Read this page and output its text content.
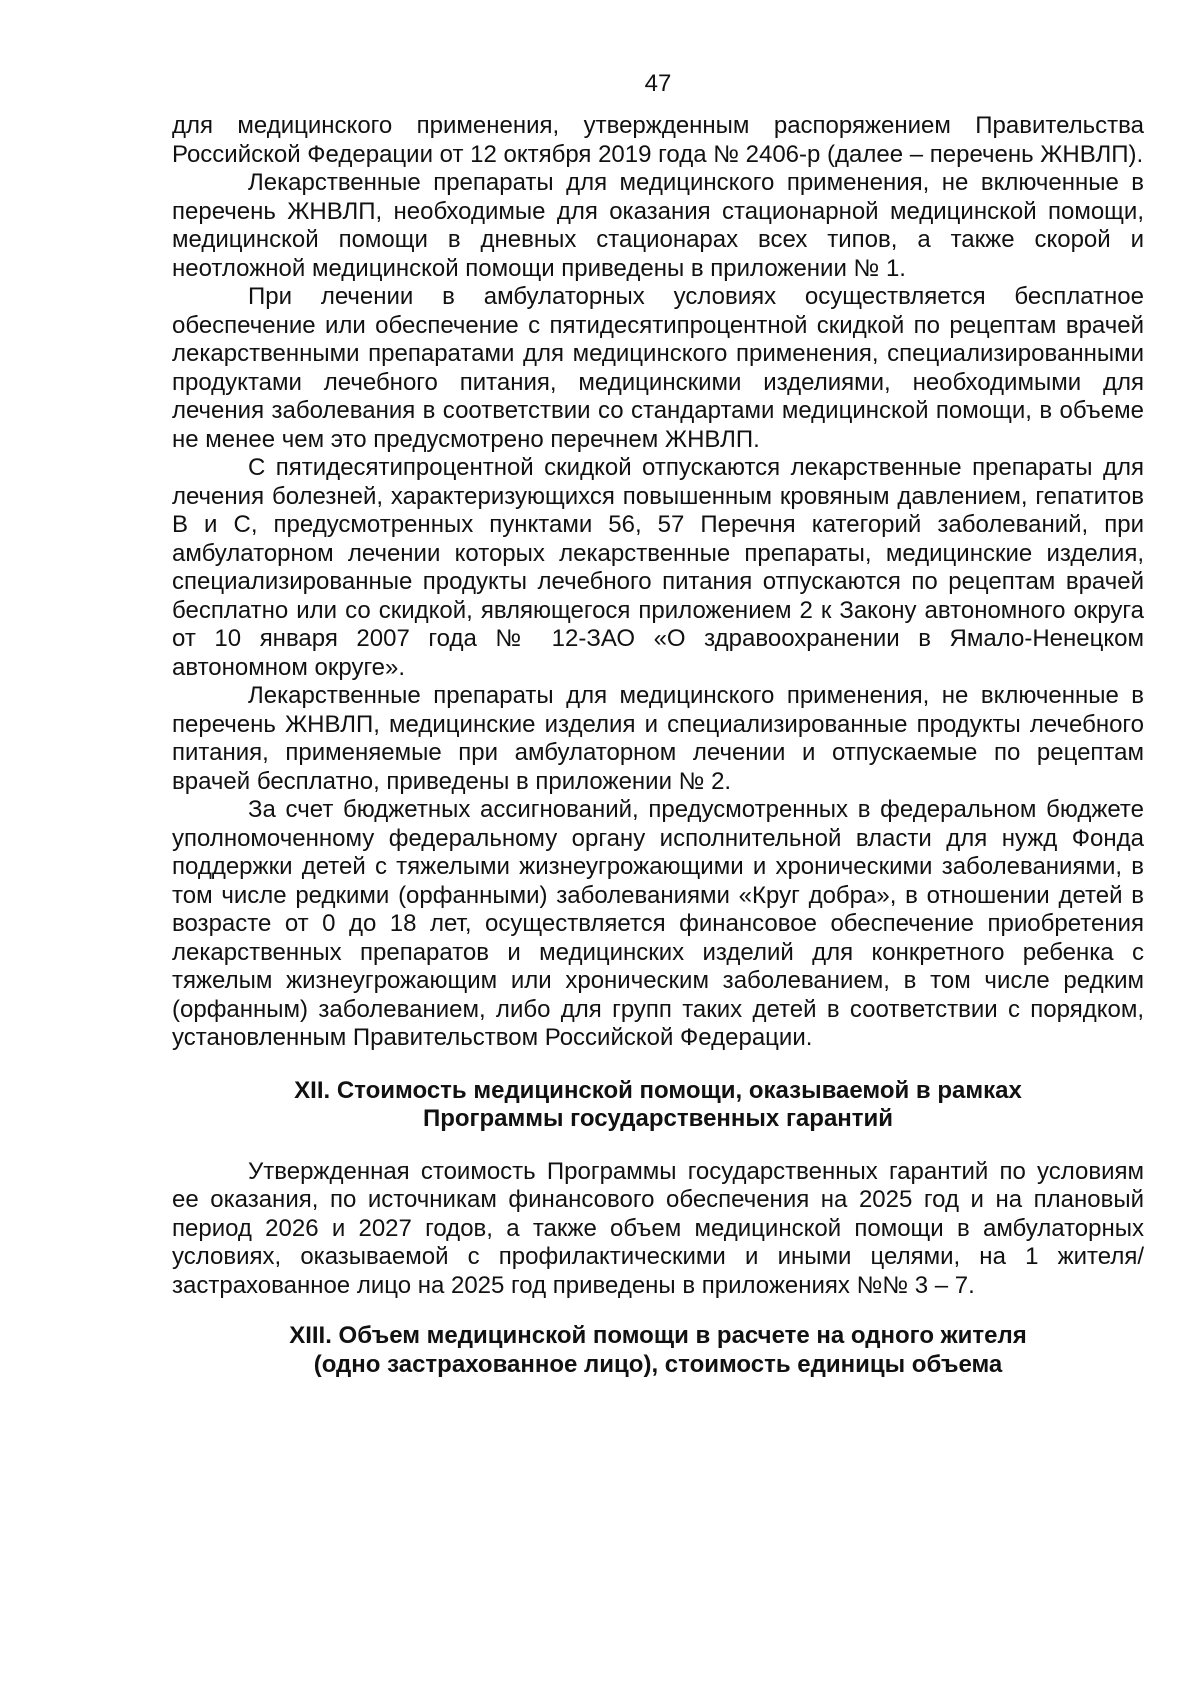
47

для медицинского применения, утвержденным распоряжением Правительства Российской Федерации от 12 октября 2019 года № 2406-р (далее – перечень ЖНВЛП).

Лекарственные препараты для медицинского применения, не включенные в перечень ЖНВЛП, необходимые для оказания стационарной медицинской помощи, медицинской помощи в дневных стационарах всех типов, а также скорой и неотложной медицинской помощи приведены в приложении № 1.

При лечении в амбулаторных условиях осуществляется бесплатное обеспечение или обеспечение с пятидесятипроцентной скидкой по рецептам врачей лекарственными препаратами для медицинского применения, специализированными продуктами лечебного питания, медицинскими изделиями, необходимыми для лечения заболевания в соответствии со стандартами медицинской помощи, в объеме не менее чем это предусмотрено перечнем ЖНВЛП.

С пятидесятипроцентной скидкой отпускаются лекарственные препараты для лечения болезней, характеризующихся повышенным кровяным давлением, гепатитов В и С, предусмотренных пунктами 56, 57 Перечня категорий заболеваний, при амбулаторном лечении которых лекарственные препараты, медицинские изделия, специализированные продукты лечебного питания отпускаются по рецептам врачей бесплатно или со скидкой, являющегося приложением 2 к Закону автономного округа от 10 января 2007 года № 12-ЗАО «О здравоохранении в Ямало-Ненецком автономном округе».

Лекарственные препараты для медицинского применения, не включенные в перечень ЖНВЛП, медицинские изделия и специализированные продукты лечебного питания, применяемые при амбулаторном лечении и отпускаемые по рецептам врачей бесплатно, приведены в приложении № 2.

За счет бюджетных ассигнований, предусмотренных в федеральном бюджете уполномоченному федеральному органу исполнительной власти для нужд Фонда поддержки детей с тяжелыми жизнеугрожающими и хроническими заболеваниями, в том числе редкими (орфанными) заболеваниями «Круг добра», в отношении детей в возрасте от 0 до 18 лет, осуществляется финансовое обеспечение приобретения лекарственных препаратов и медицинских изделий для конкретного ребенка с тяжелым жизнеугрожающим или хроническим заболеванием, в том числе редким (орфанным) заболеванием, либо для групп таких детей в соответствии с порядком, установленным Правительством Российской Федерации.

XII. Стоимость медицинской помощи, оказываемой в рамках
Программы государственных гарантий

Утвержденная стоимость Программы государственных гарантий по условиям ее оказания, по источникам финансового обеспечения на 2025 год и на плановый период 2026 и 2027 годов, а также объем медицинской помощи в амбулаторных условиях, оказываемой с профилактическими и иными целями, на 1 жителя/застрахованное лицо на 2025 год приведены в приложениях №№ 3 – 7.

XIII. Объем медицинской помощи в расчете на одного жителя
(одно застрахованное лицо), стоимость единицы объема
